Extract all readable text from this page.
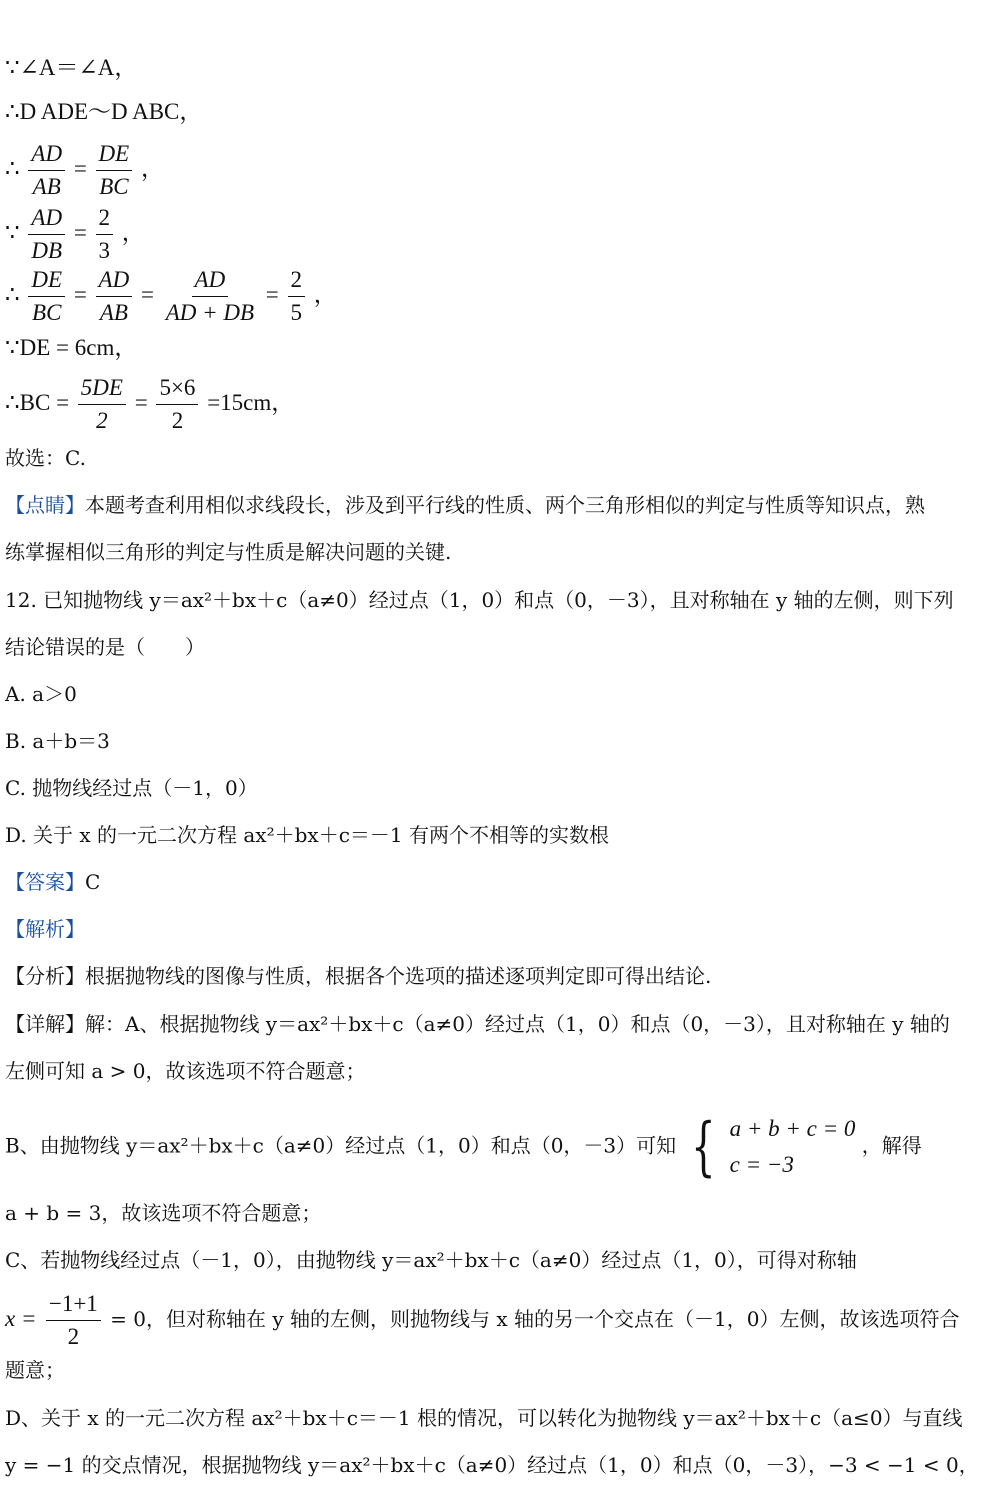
∵∠A＝∠A，
∴D ADE～D ABC，
∴ $\frac{AD}{AB} = \frac{DE}{BC}$ ，
∵ $\frac{AD}{DB} = \frac{2}{3}$ ，
∴ $\frac{DE}{BC} = \frac{AD}{AB} = \frac{AD}{AD + DB} = \frac{2}{5}$ ，
∵DE = 6cm，
∴BC = $\frac{5DE}{2} = \frac{5\times 6}{2} =15cm$，
故选：C.
【点睛】本题考查利用相似求线段长，涉及到平行线的性质、两个三角形相似的判定与性质等知识点，熟
练掌握相似三角形的判定与性质是解决问题的关键.
12. 已知抛物线 y＝ax²＋bx＋c（a≠0）经过点（1，0）和点（0，－3），且对称轴在 y 轴的左侧，则下列
结论错误的是（　　）
A. a＞0
B. a＋b＝3
C. 抛物线经过点（－1，0）
D. 关于 x 的一元二次方程 ax²＋bx＋c＝－1 有两个不相等的实数根
【答案】C
【解析】
【分析】根据抛物线的图像与性质，根据各个选项的描述逐项判定即可得出结论.
【详解】解：A、根据抛物线 y＝ax²＋bx＋c（a≠0）经过点（1，0）和点（0，－3），且对称轴在 y 轴的
左侧可知 a > 0，故该选项不符合题意；
B、由抛物线 y＝ax²＋bx＋c（a≠0）经过点（1，0）和点（0，－3）可知 { a + b + c = 0
c = −3
，解得
a + b = 3，故该选项不符合题意；
C、若抛物线经过点（－1，0），由抛物线 y＝ax²＋bx＋c（a≠0）经过点（1，0），可得对称轴
$x = \frac{-1+1}{2} = 0$，但对称轴在 y 轴的左侧，则抛物线与 x 轴的另一个交点在（－1，0）左侧，故该选项符合
题意；
D、关于 x 的一元二次方程 ax²＋bx＋c＝－1 根的情况，可以转化为抛物线 y＝ax²＋bx＋c（a≤0）与直线
y = −1 的交点情况，根据抛物线 y＝ax²＋bx＋c（a≠0）经过点（1，0）和点（0，－3），−3 < −1 < 0，
